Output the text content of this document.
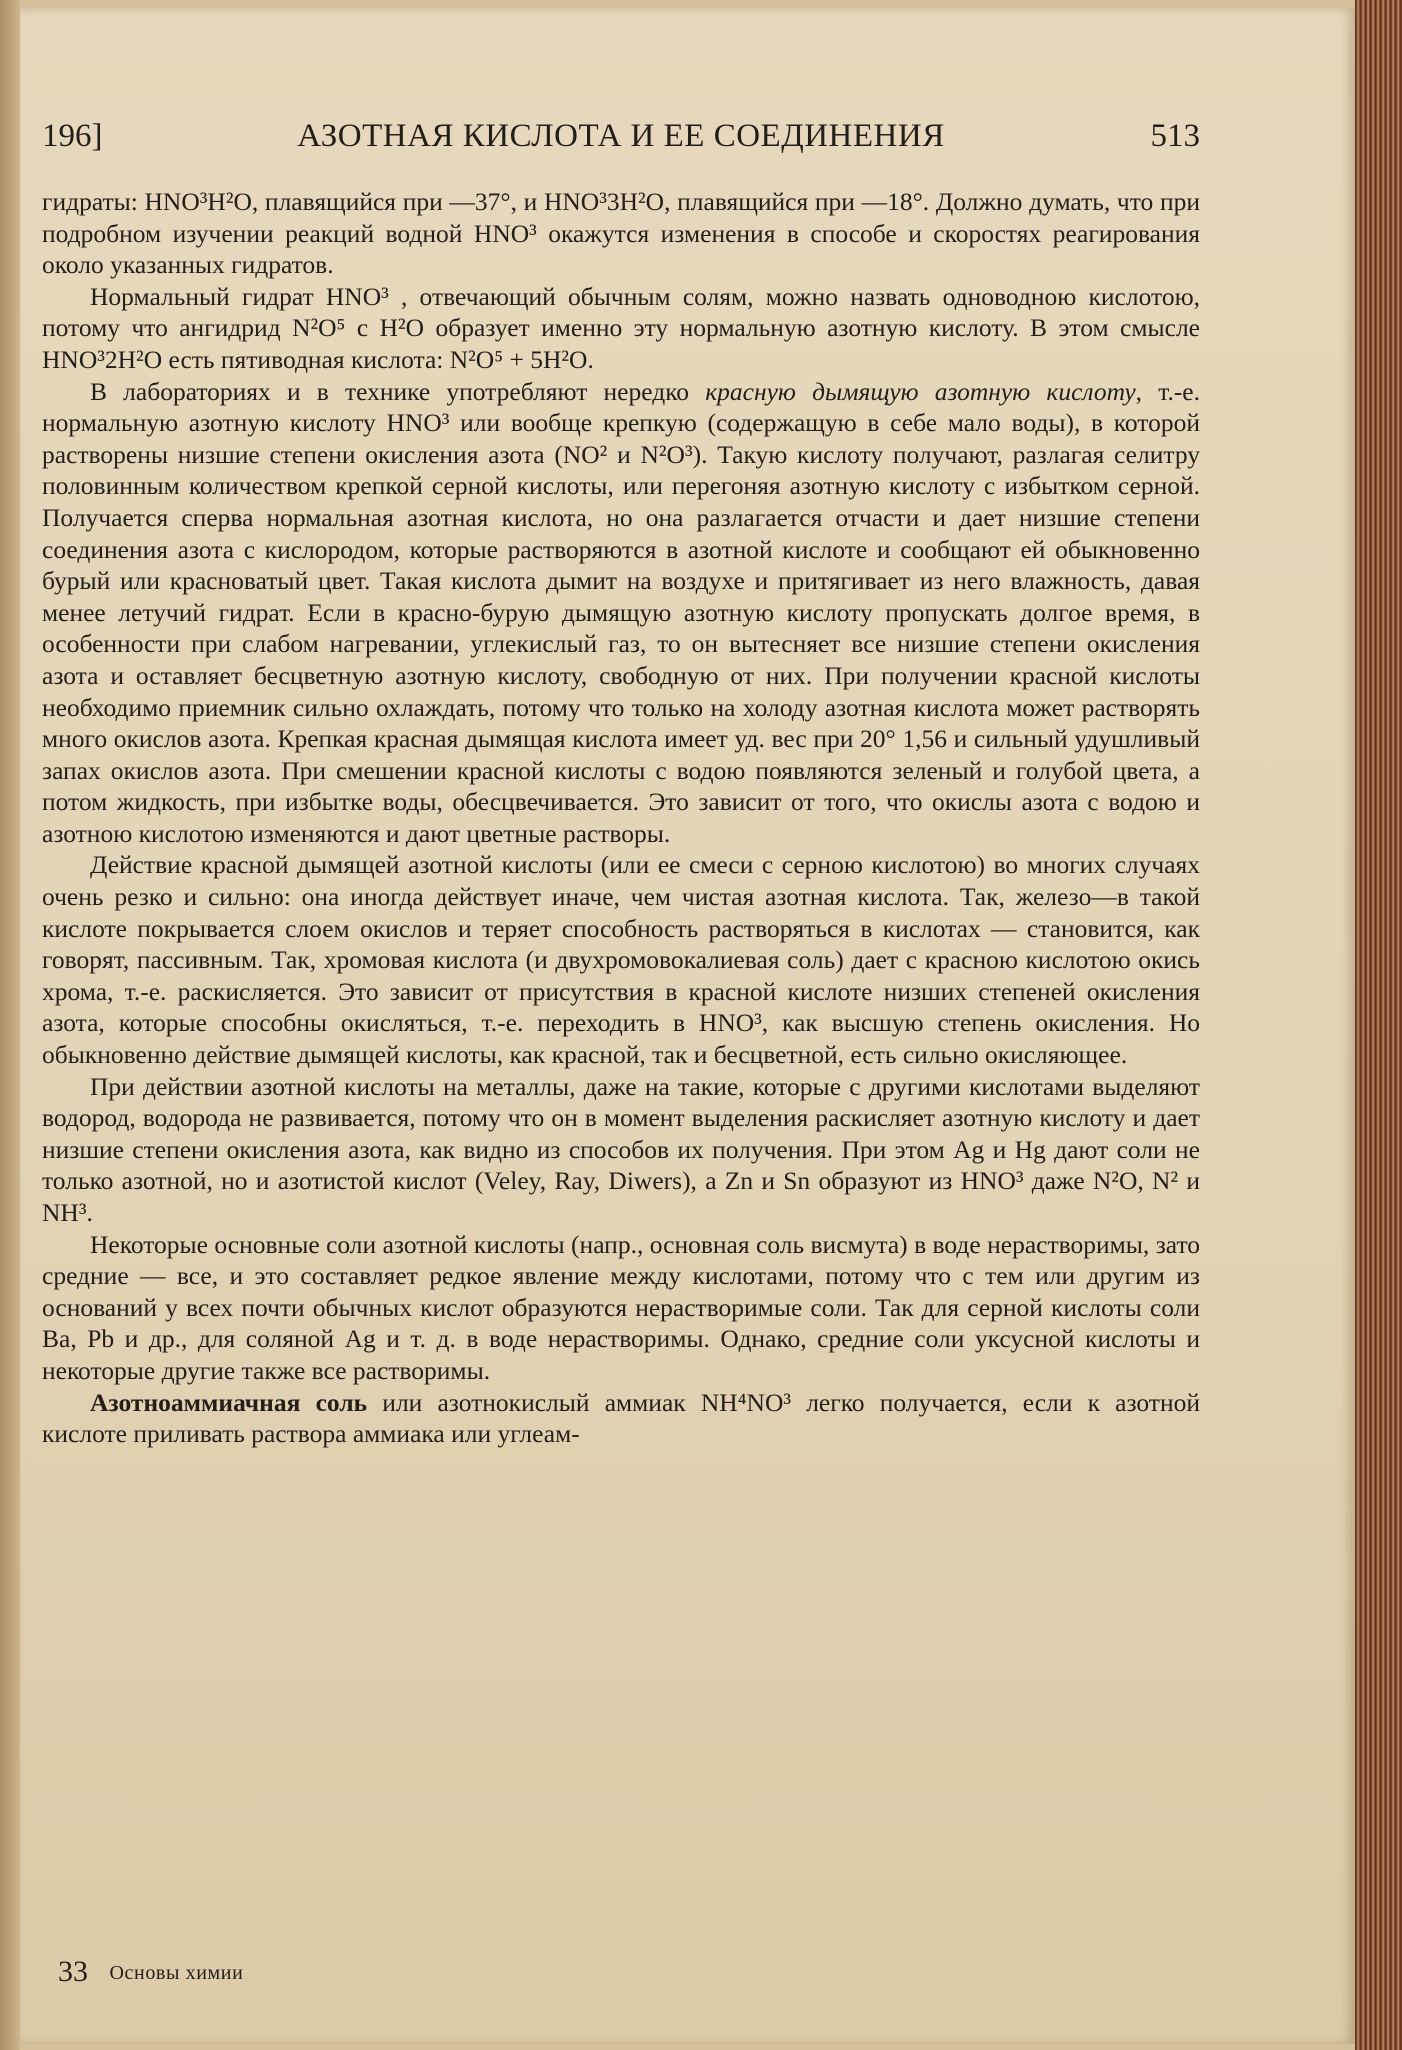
196]	АЗОТНАЯ КИСЛОТА И ЕЕ СОЕДИНЕНИЯ	513

гидраты: HNO³H²O, плавящийся при —37°, и HNO³3H²O, плавящийся при —18°. Должно думать, что при подробном изучении реакций водной HNO³ окажутся изменения в способе и скоростях реагирования около указанных гидратов.

Нормальный гидрат HNO³ , отвечающий обычным солям, можно назвать одноводною кислотою, потому что ангидрид N²O⁵ с H²O образует именно эту нормальную азотную кислоту. В этом смысле HNO³2H²O есть пятиводная кислота: N²O⁵ + 5H²O.

В лабораториях и в технике употребляют нередко красную дымящую азотную кислоту, т.-е. нормальную азотную кислоту HNO³ или вообще крепкую (содержащую в себе мало воды), в которой растворены низшие степени окисления азота (NO² и N²O³). Такую кислоту получают, разлагая селитру половинным количеством крепкой серной кислоты, или перегоняя азотную кислоту с избытком серной. Получается сперва нормальная азотная кислота, но она разлагается отчасти и дает низшие степени соединения азота с кислородом, которые растворяются в азотной кислоте и сообщают ей обыкновенно бурый или красноватый цвет. Такая кислота дымит на воздухе и притягивает из него влажность, давая менее летучий гидрат. Если в красно-бурую дымящую азотную кислоту пропускать долгое время, в особенности при слабом нагревании, углекислый газ, то он вытесняет все низшие степени окисления азота и оставляет бесцветную азотную кислоту, свободную от них. При получении красной кислоты необходимо приемник сильно охлаждать, потому что только на холоду азотная кислота может растворять много окислов азота. Крепкая красная дымящая кислота имеет уд. вес при 20° 1,56 и сильный удушливый запах окислов азота. При смешении красной кислоты с водою появляются зеленый и голубой цвета, а потом жидкость, при избытке воды, обесцвечивается. Это зависит от того, что окислы азота с водою и азотною кислотою изменяются и дают цветные растворы.

Действие красной дымящей азотной кислоты (или ее смеси с серною кислотою) во многих случаях очень резко и сильно: она иногда действует иначе, чем чистая азотная кислота. Так, железо—в такой кислоте покрывается слоем окислов и теряет способность растворяться в кислотах — становится, как говорят, пассивным. Так, хромовая кислота (и двухромовокалиевая соль) дает с красною кислотою окись хрома, т.-е. раскисляется. Это зависит от присутствия в красной кислоте низших степеней окисления азота, которые способны окисляться, т.-е. переходить в HNO³, как высшую степень окисления. Но обыкновенно действие дымящей кислоты, как красной, так и бесцветной, есть сильно окисляющее.

При действии азотной кислоты на металлы, даже на такие, которые с другими кислотами выделяют водород, водорода не развивается, потому что он в момент выделения раскисляет азотную кислоту и дает низшие степени окисления азота, как видно из способов их получения. При этом Ag и Hg дают соли не только азотной, но и азотистой кислот (Veley, Ray, Diwers), а Zn и Sn образуют из HNO³ даже N²O, N² и NH³.

Некоторые основные соли азотной кислоты (напр., основная соль висмута) в воде нерастворимы, зато средние — все, и это составляет редкое явление между кислотами, потому что с тем или другим из оснований у всех почти обычных кислот образуются нерастворимые соли. Так для серной кислоты соли Ba, Pb и др., для соляной Ag и т. д. в воде нерастворимы. Однако, средние соли уксусной кислоты и некоторые другие также все растворимы.

Азотноаммиачная соль или азотнокислый аммиак NH⁴NO³ легко получается, если к азотной кислоте приливать раствора аммиака или углеам-

33 Основы химии
